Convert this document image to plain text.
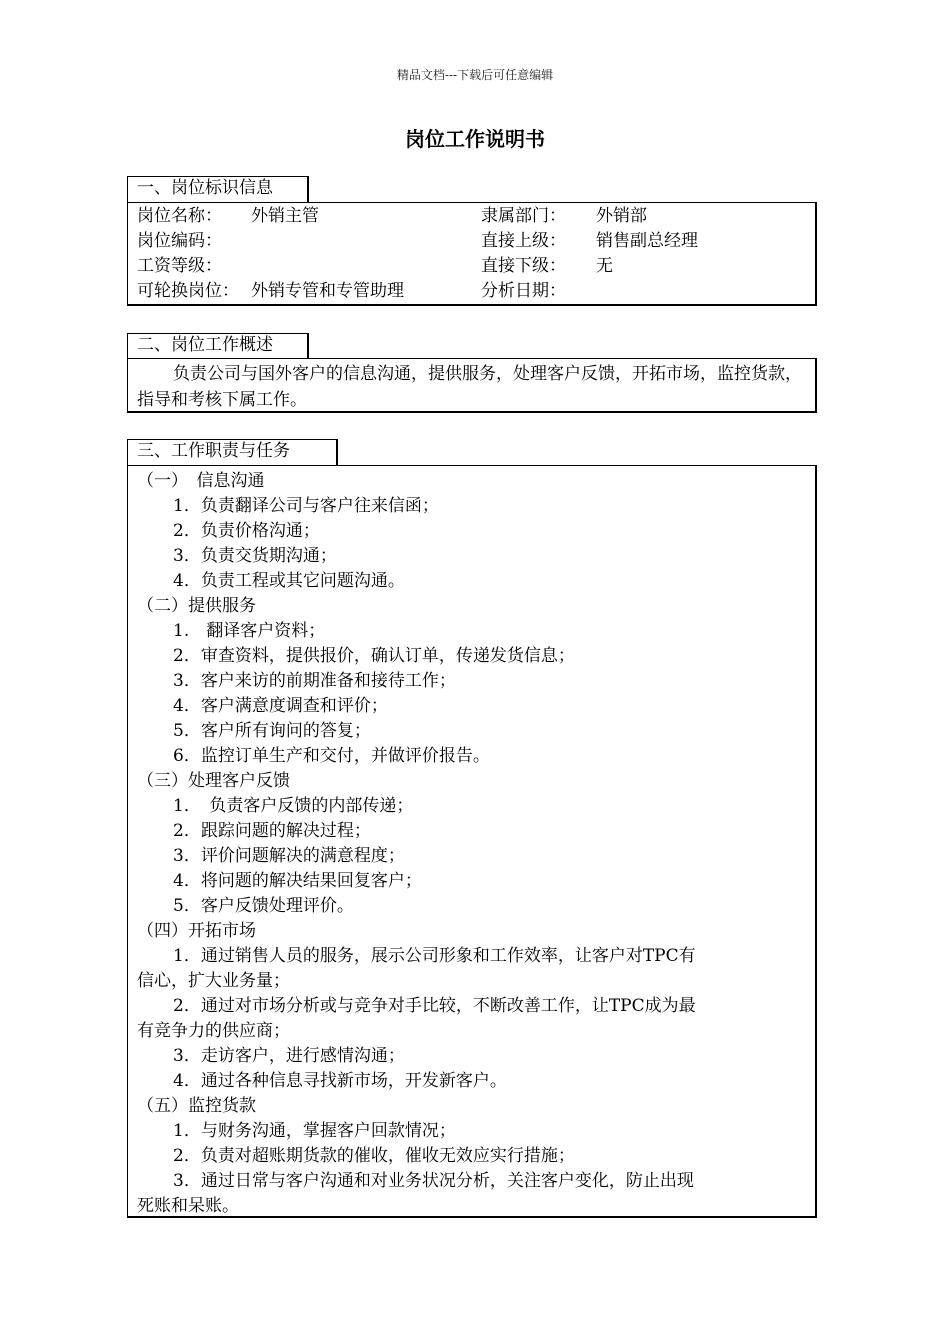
精品文档---下载后可任意编辑
岗位工作说明书
一、岗位标识信息
岗位名称： 外销主管	隶属部门： 外销部
岗位编码：	直接上级： 销售副总经理
工资等级：	直接下级： 无
可轮换岗位： 外销专管和专管助理	分析日期：
二、岗位工作概述
负责公司与国外客户的信息沟通，提供服务，处理客户反馈，开拓市场，监控货款，指导和考核下属工作。
三、工作职责与任务
（一）　信息沟通
1．负责翻译公司与客户往来信函；
2．负责价格沟通；
3．负责交货期沟通；
4．负责工程或其它问题沟通。
（二）提供服务
1.　翻译客户资料；
2．审查资料，提供报价，确认订单，传递发货信息；
3．客户来访的前期准备和接待工作；
4．客户满意度调查和评价；
5．客户所有询问的答复；
6．监控订单生产和交付，并做评价报告。
（三）处理客户反馈
1．　负责客户反馈的内部传递；
2．跟踪问题的解决过程；
3．评价问题解决的满意程度；
4．将问题的解决结果回复客户；
5．客户反馈处理评价。
（四）开拓市场
1．通过销售人员的服务，展示公司形象和工作效率，让客户对TPC有
信心，扩大业务量；
2．通过对市场分析或与竞争对手比较，不断改善工作，让TPC成为最
有竞争力的供应商；
3．走访客户，进行感情沟通；
4．通过各种信息寻找新市场，开发新客户。
（五）监控货款
1．与财务沟通，掌握客户回款情况；
2．负责对超账期货款的催收，催收无效应实行措施；
3．通过日常与客户沟通和对业务状况分析，关注客户变化，防止出现
死账和呆账。
